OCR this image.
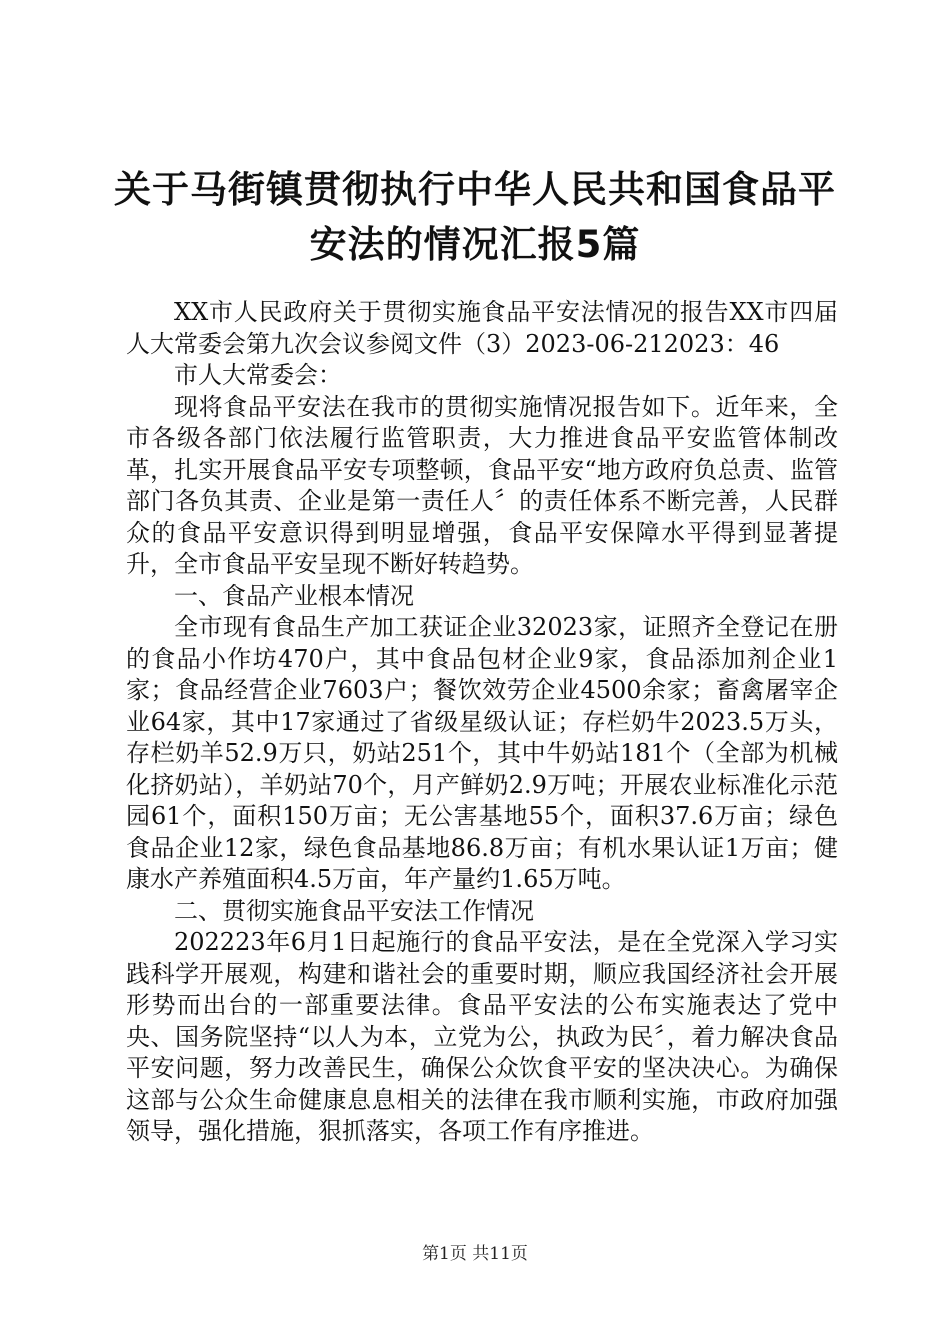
关于马街镇贯彻执行中华人民共和国食品平安法的情况汇报5篇

XX市人民政府关于贯彻实施食品平安法情况的报告XX市四届人大常委会第九次会议参阅文件（3）2023-06-212023：46

市人大常委会：

现将食品平安法在我市的贯彻实施情况报告如下。近年来，全市各级各部门依法履行监管职责，大力推进食品平安监管体制改革，扎实开展食品平安专项整顿，食品平安“地方政府负总责、监管部门各负其责、企业是第一责任人〞的责任体系不断完善，人民群众的食品平安意识得到明显增强，食品平安保障水平得到显著提升，全市食品平安呈现不断好转趋势。

一、食品产业根本情况

全市现有食品生产加工获证企业32023家，证照齐全登记在册的食品小作坊470户，其中食品包材企业9家，食品添加剂企业1家；食品经营企业7603户；餐饮效劳企业4500余家；畜禽屠宰企业64家，其中17家通过了省级星级认证；存栏奶牛2023.5万头，存栏奶羊52.9万只，奶站251个，其中牛奶站181个（全部为机械化挤奶站），羊奶站70个，月产鲜奶2.9万吨；开展农业标准化示范园61个，面积150万亩；无公害基地55个，面积37.6万亩；绿色食品企业12家，绿色食品基地86.8万亩；有机水果认证1万亩；健康水产养殖面积4.5万亩，年产量约1.65万吨。

二、贯彻实施食品平安法工作情况

202223年6月1日起施行的食品平安法，是在全党深入学习实践科学开展观，构建和谐社会的重要时期，顺应我国经济社会开展形势而出台的一部重要法律。食品平安法的公布实施表达了党中央、国务院坚持“以人为本，立党为公，执政为民〞，着力解决食品平安问题，努力改善民生，确保公众饮食平安的坚决决心。为确保这部与公众生命健康息息相关的法律在我市顺利实施，市政府加强领导，强化措施，狠抓落实，各项工作有序推进。

第1页 共11页
